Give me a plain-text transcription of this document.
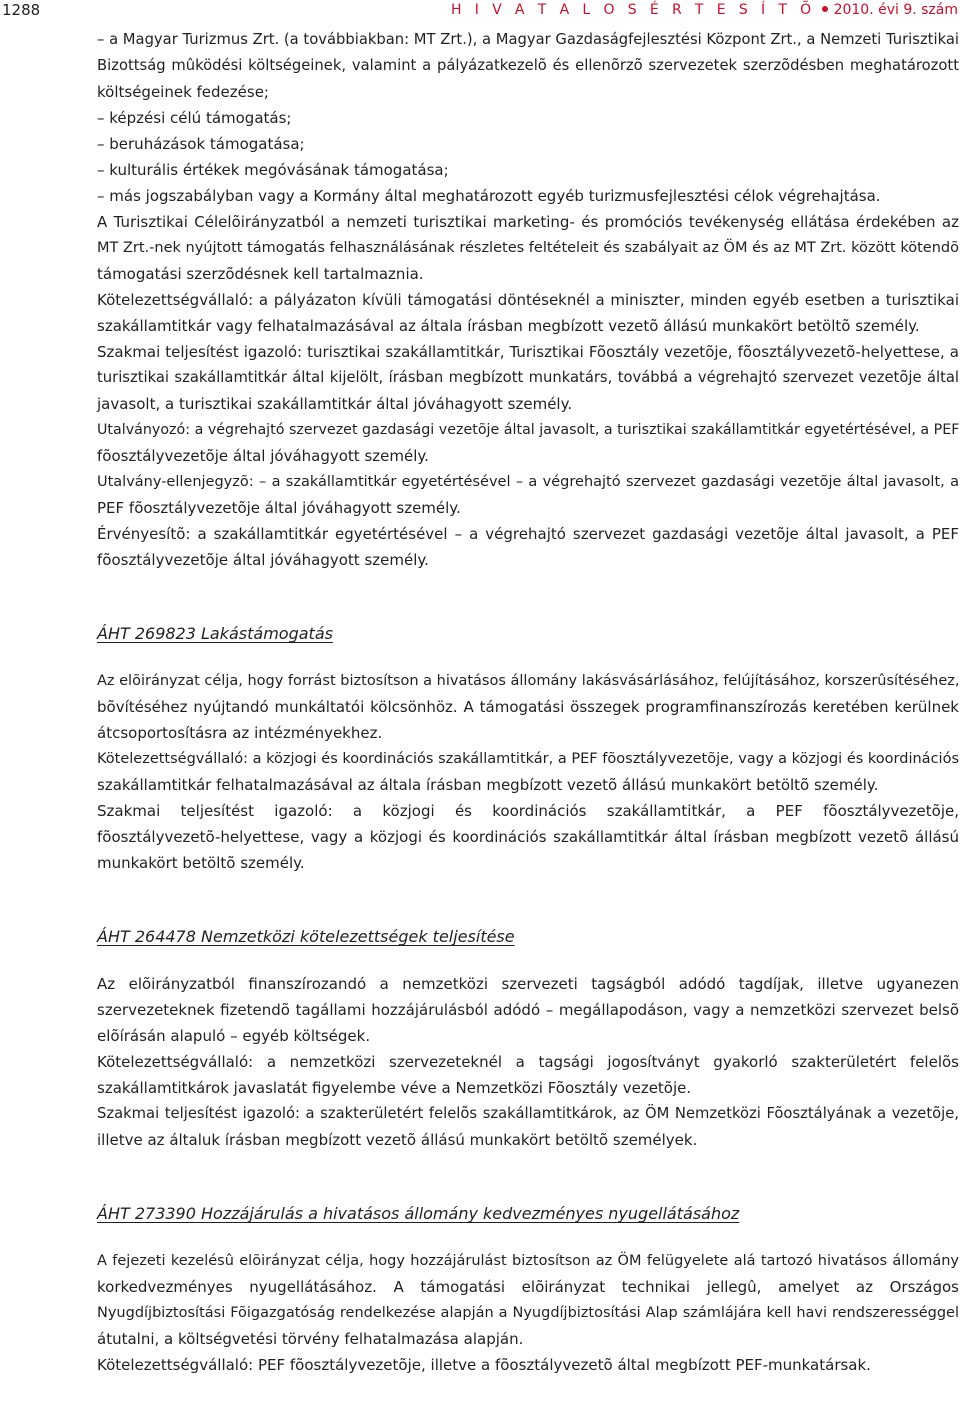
1288	H I V A T A L O S É R T E S Í T Õ 2010. évi 9. szám
– a Magyar Turizmus Zrt. (a továbbiakban: MT Zrt.), a Magyar Gazdaságfejlesztési Központ Zrt., a Nemzeti Turisztikai
Bizottság mûködési költségeinek, valamint a pályázatkezelõ és ellenõrzõ szervezetek szerzõdésben meghatározott
költségeinek fedezése;
– képzési célú támogatás;
– beruházások támogatása;
– kulturális értékek megóvásának támogatása;
– más jogszabályban vagy a Kormány által meghatározott egyéb turizmusfejlesztési célok végrehajtása.
A Turisztikai Célelõirányzatból a nemzeti turisztikai marketing- és promóciós tevékenység ellátása érdekében az
MT Zrt.-nek nyújtott támogatás felhasználásának részletes feltételeit és szabályait az ÖM és az MT Zrt. között kötendõ
támogatási szerzõdésnek kell tartalmaznia.
Kötelezettségvállaló: a pályázaton kívüli támogatási döntéseknél a miniszter, minden egyéb esetben a turisztikai
szakállamtitkár vagy felhatalmazásával az általa írásban megbízott vezetõ állású munkakört betöltõ személy.
Szakmai teljesítést igazoló: turisztikai szakállamtitkár, Turisztikai Fõosztály vezetõje, fõosztályvezetõ-helyettese, a
turisztikai szakállamtitkár által kijelölt, írásban megbízott munkatárs, továbbá a végrehajtó szervezet vezetõje által
javasolt, a turisztikai szakállamtitkár által jóváhagyott személy.
Utalványozó: a végrehajtó szervezet gazdasági vezetõje által javasolt, a turisztikai szakállamtitkár egyetértésével, a PEF
fõosztályvezetõje által jóváhagyott személy.
Utalvány-ellenjegyzõ: – a szakállamtitkár egyetértésével – a végrehajtó szervezet gazdasági vezetõje által javasolt, a
PEF fõosztályvezetõje által jóváhagyott személy.
Érvényesítõ: a szakállamtitkár egyetértésével – a végrehajtó szervezet gazdasági vezetõje által javasolt, a PEF
fõosztályvezetõje által jóváhagyott személy.
ÁHT 269823 Lakástámogatás
Az elõirányzat célja, hogy forrást biztosítson a hivatásos állomány lakásvásárlásához, felújításához, korszerûsítéséhez,
bõvítéséhez nyújtandó munkáltatói kölcsönhöz. A támogatási összegek programfinanszírozás keretében kerülnek
átcsoportosításra az intézményekhez.
Kötelezettségvállaló: a közjogi és koordinációs szakállamtitkár, a PEF fõosztályvezetõje, vagy a közjogi és koordinációs
szakállamtitkár felhatalmazásával az általa írásban megbízott vezetõ állású munkakört betöltõ személy.
Szakmai teljesítést igazoló: a közjogi és koordinációs szakállamtitkár, a PEF fõosztályvezetõje,
fõosztályvezetõ-helyettese, vagy a közjogi és koordinációs szakállamtitkár által írásban megbízott vezetõ állású
munkakört betöltõ személy.
ÁHT 264478 Nemzetközi kötelezettségek teljesítése
Az elõirányzatból finanszírozandó a nemzetközi szervezeti tagságból adódó tagdíjak, illetve ugyanezen
szervezeteknek fizetendõ tagállami hozzájárulásból adódó – megállapodáson, vagy a nemzetközi szervezet belsõ
elõírásán alapuló – egyéb költségek.
Kötelezettségvállaló: a nemzetközi szervezeteknél a tagsági jogosítványt gyakorló szakterületért felelõs
szakállamtitkárok javaslatát figyelembe véve a Nemzetközi Fõosztály vezetõje.
Szakmai teljesítést igazoló: a szakterületért felelõs szakállamtitkárok, az ÖM Nemzetközi Fõosztályának a vezetõje,
illetve az általuk írásban megbízott vezetõ állású munkakört betöltõ személyek.
ÁHT 273390 Hozzájárulás a hivatásos állomány kedvezményes nyugellátásához
A fejezeti kezelésû elõirányzat célja, hogy hozzájárulást biztosítson az ÖM felügyelete alá tartozó hivatásos állomány
korkedvezményes nyugellátásához. A támogatási elõirányzat technikai jellegû, amelyet az Országos
Nyugdíjbiztosítási Fõigazgatóság rendelkezése alapján a Nyugdíjbiztosítási Alap számlájára kell havi rendszerességgel
átutalni, a költségvetési törvény felhatalmazása alapján.
Kötelezettségvállaló: PEF fõosztályvezetõje, illetve a fõosztályvezetõ által megbízott PEF-munkatársak.
